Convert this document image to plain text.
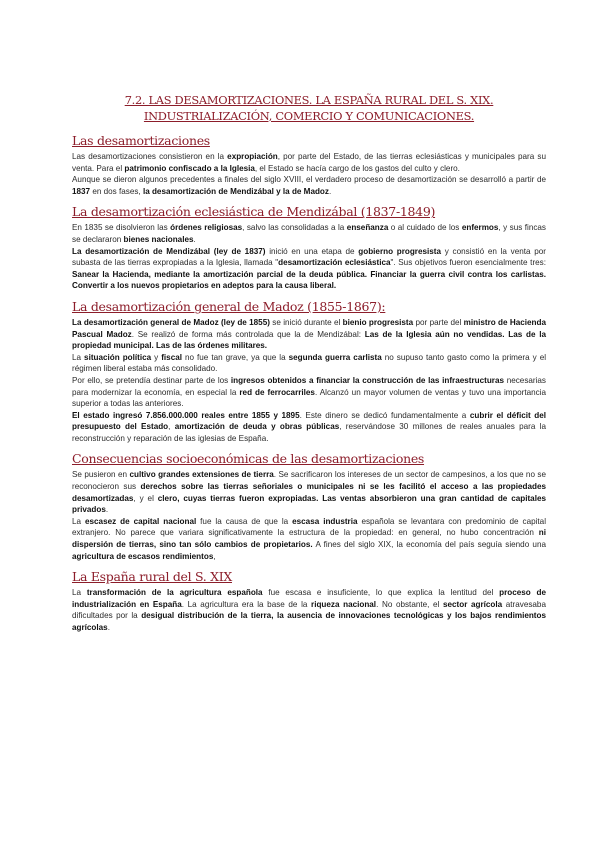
7.2. LAS DESAMORTIZACIONES. LA ESPAÑA RURAL DEL S. XIX. INDUSTRIALIZACIÓN, COMERCIO Y COMUNICACIONES.
Las desamortizaciones

Las desamortizaciones consistieron en la expropiación, por parte del Estado, de las tierras eclesiásticas y municipales para su venta. Para el patrimonio confiscado a la Iglesia, el Estado se hacía cargo de los gastos del culto y clero.

Aunque se dieron algunos precedentes a finales del siglo XVIII, el verdadero proceso de desamortización se desarrolló a partir de 1837 en dos fases, la desamortización de Mendizábal y la de Madoz.

La desamortización eclesiástica de Mendizábal (1837-1849)

En 1835 se disolvieron las órdenes religiosas, salvo las consolidadas a la enseñanza o al cuidado de los enfermos, y sus fincas se declararon bienes nacionales.

La desamortización de Mendizábal (ley de 1837) inició en una etapa de gobierno progresista y consistió en la venta por subasta de las tierras expropiadas a la Iglesia, llamada "desamortización eclesiástica". Sus objetivos fueron esencialmente tres: Sanear la Hacienda, mediante la amortización parcial de la deuda pública. Financiar la guerra civil contra los carlistas. Convertir a los nuevos propietarios en adeptos para la causa liberal.

La desamortización general de Madoz (1855-1867):

La desamortización general de Madoz (ley de 1855) se inició durante el bienio progresista por parte del ministro de Hacienda Pascual Madoz. Se realizó de forma más controlada que la de Mendizábal: Las de la Iglesia aún no vendidas. Las de la propiedad municipal. Las de las órdenes militares.

La situación política y fiscal no fue tan grave, ya que la segunda guerra carlista no supuso tanto gasto como la primera y el régimen liberal estaba más consolidado.

Por ello, se pretendía destinar parte de los ingresos obtenidos a financiar la construcción de las infraestructuras necesarias para modernizar la economía, en especial la red de ferrocarriles. Alcanzó un mayor volumen de ventas y tuvo una importancia superior a todas las anteriores.

El estado ingresó 7.856.000.000 reales entre 1855 y 1895. Este dinero se dedicó fundamentalmente a cubrir el déficit del presupuesto del Estado, amortización de deuda y obras públicas, reservándose 30 millones de reales anuales para la reconstrucción y reparación de las iglesias de España.

Consecuencias socioeconómicas de las desamortizaciones

Se pusieron en cultivo grandes extensiones de tierra. Se sacrificaron los intereses de un sector de campesinos, a los que no se reconocieron sus derechos sobre las tierras señoriales o municipales ni se les facilitó el acceso a las propiedades desamortizadas, y el clero, cuyas tierras fueron expropiadas. Las ventas absorbieron una gran cantidad de capitales privados.

La escasez de capital nacional fue la causa de que la escasa industria española se levantara con predominio de capital extranjero. No parece que variara significativamente la estructura de la propiedad: en general, no hubo concentración ni dispersión de tierras, sino tan sólo cambios de propietarios. A fines del siglo XIX, la economía del país seguía siendo una agricultura de escasos rendimientos,

La España rural del S. XIX

La transformación de la agricultura española fue escasa e insuficiente, lo que explica la lentitud del proceso de industrialización en España. La agricultura era la base de la riqueza nacional. No obstante, el sector agrícola atravesaba dificultades por la desigual distribución de la tierra, la ausencia de innovaciones tecnológicas y los bajos rendimientos agrícolas.
